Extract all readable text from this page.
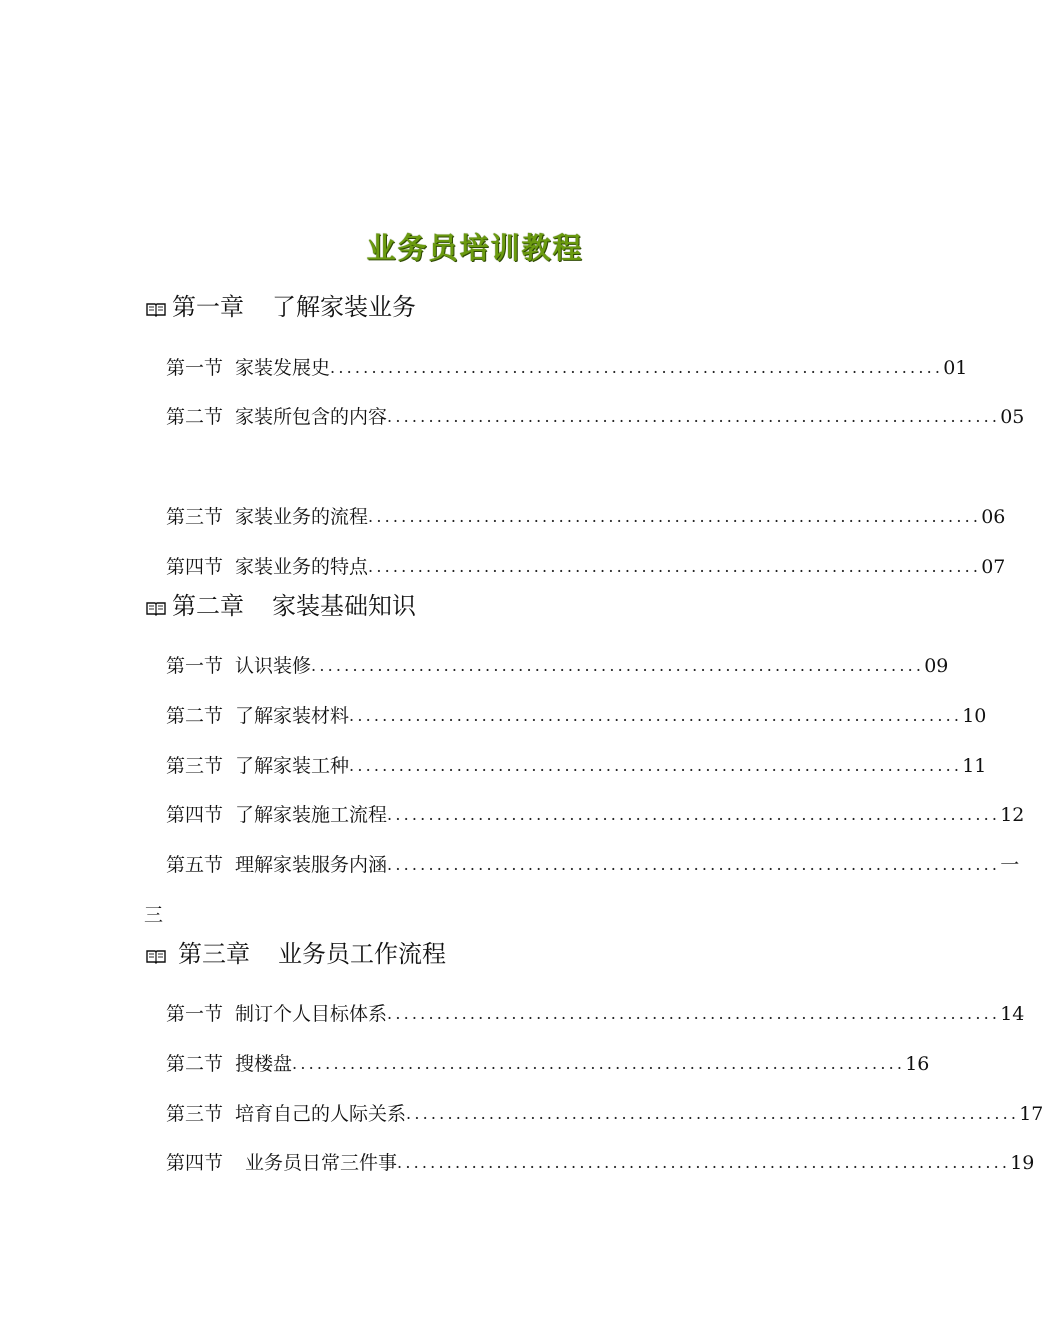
业务员培训教程
第一章 了解家装业务
第一节 家装发展史 .......................................................................... 01
第二节 家装所包含的内容 .......................................................................... 05
第三节 家装业务的流程 .......................................................................... 06
第四节 家装业务的特点 .......................................................................... 07
第二章 家装基础知识
第一节 认识装修 .......................................................................... 09
第二节 了解家装材料 .......................................................................... 10
第三节 了解家装工种 .......................................................................... 11
第四节 了解家装施工流程 .......................................................................... 12
第五节 理解家装服务内涵 .......................................................................... 一
三
第三章 业务员工作流程
第一节 制订个人目标体系 .......................................................................... 14
第二节 搜楼盘 .......................................................................... 16
第三节 培育自己的人际关系 .......................................................................... 17
第四节 业务员日常三件事 .......................................................................... 19
